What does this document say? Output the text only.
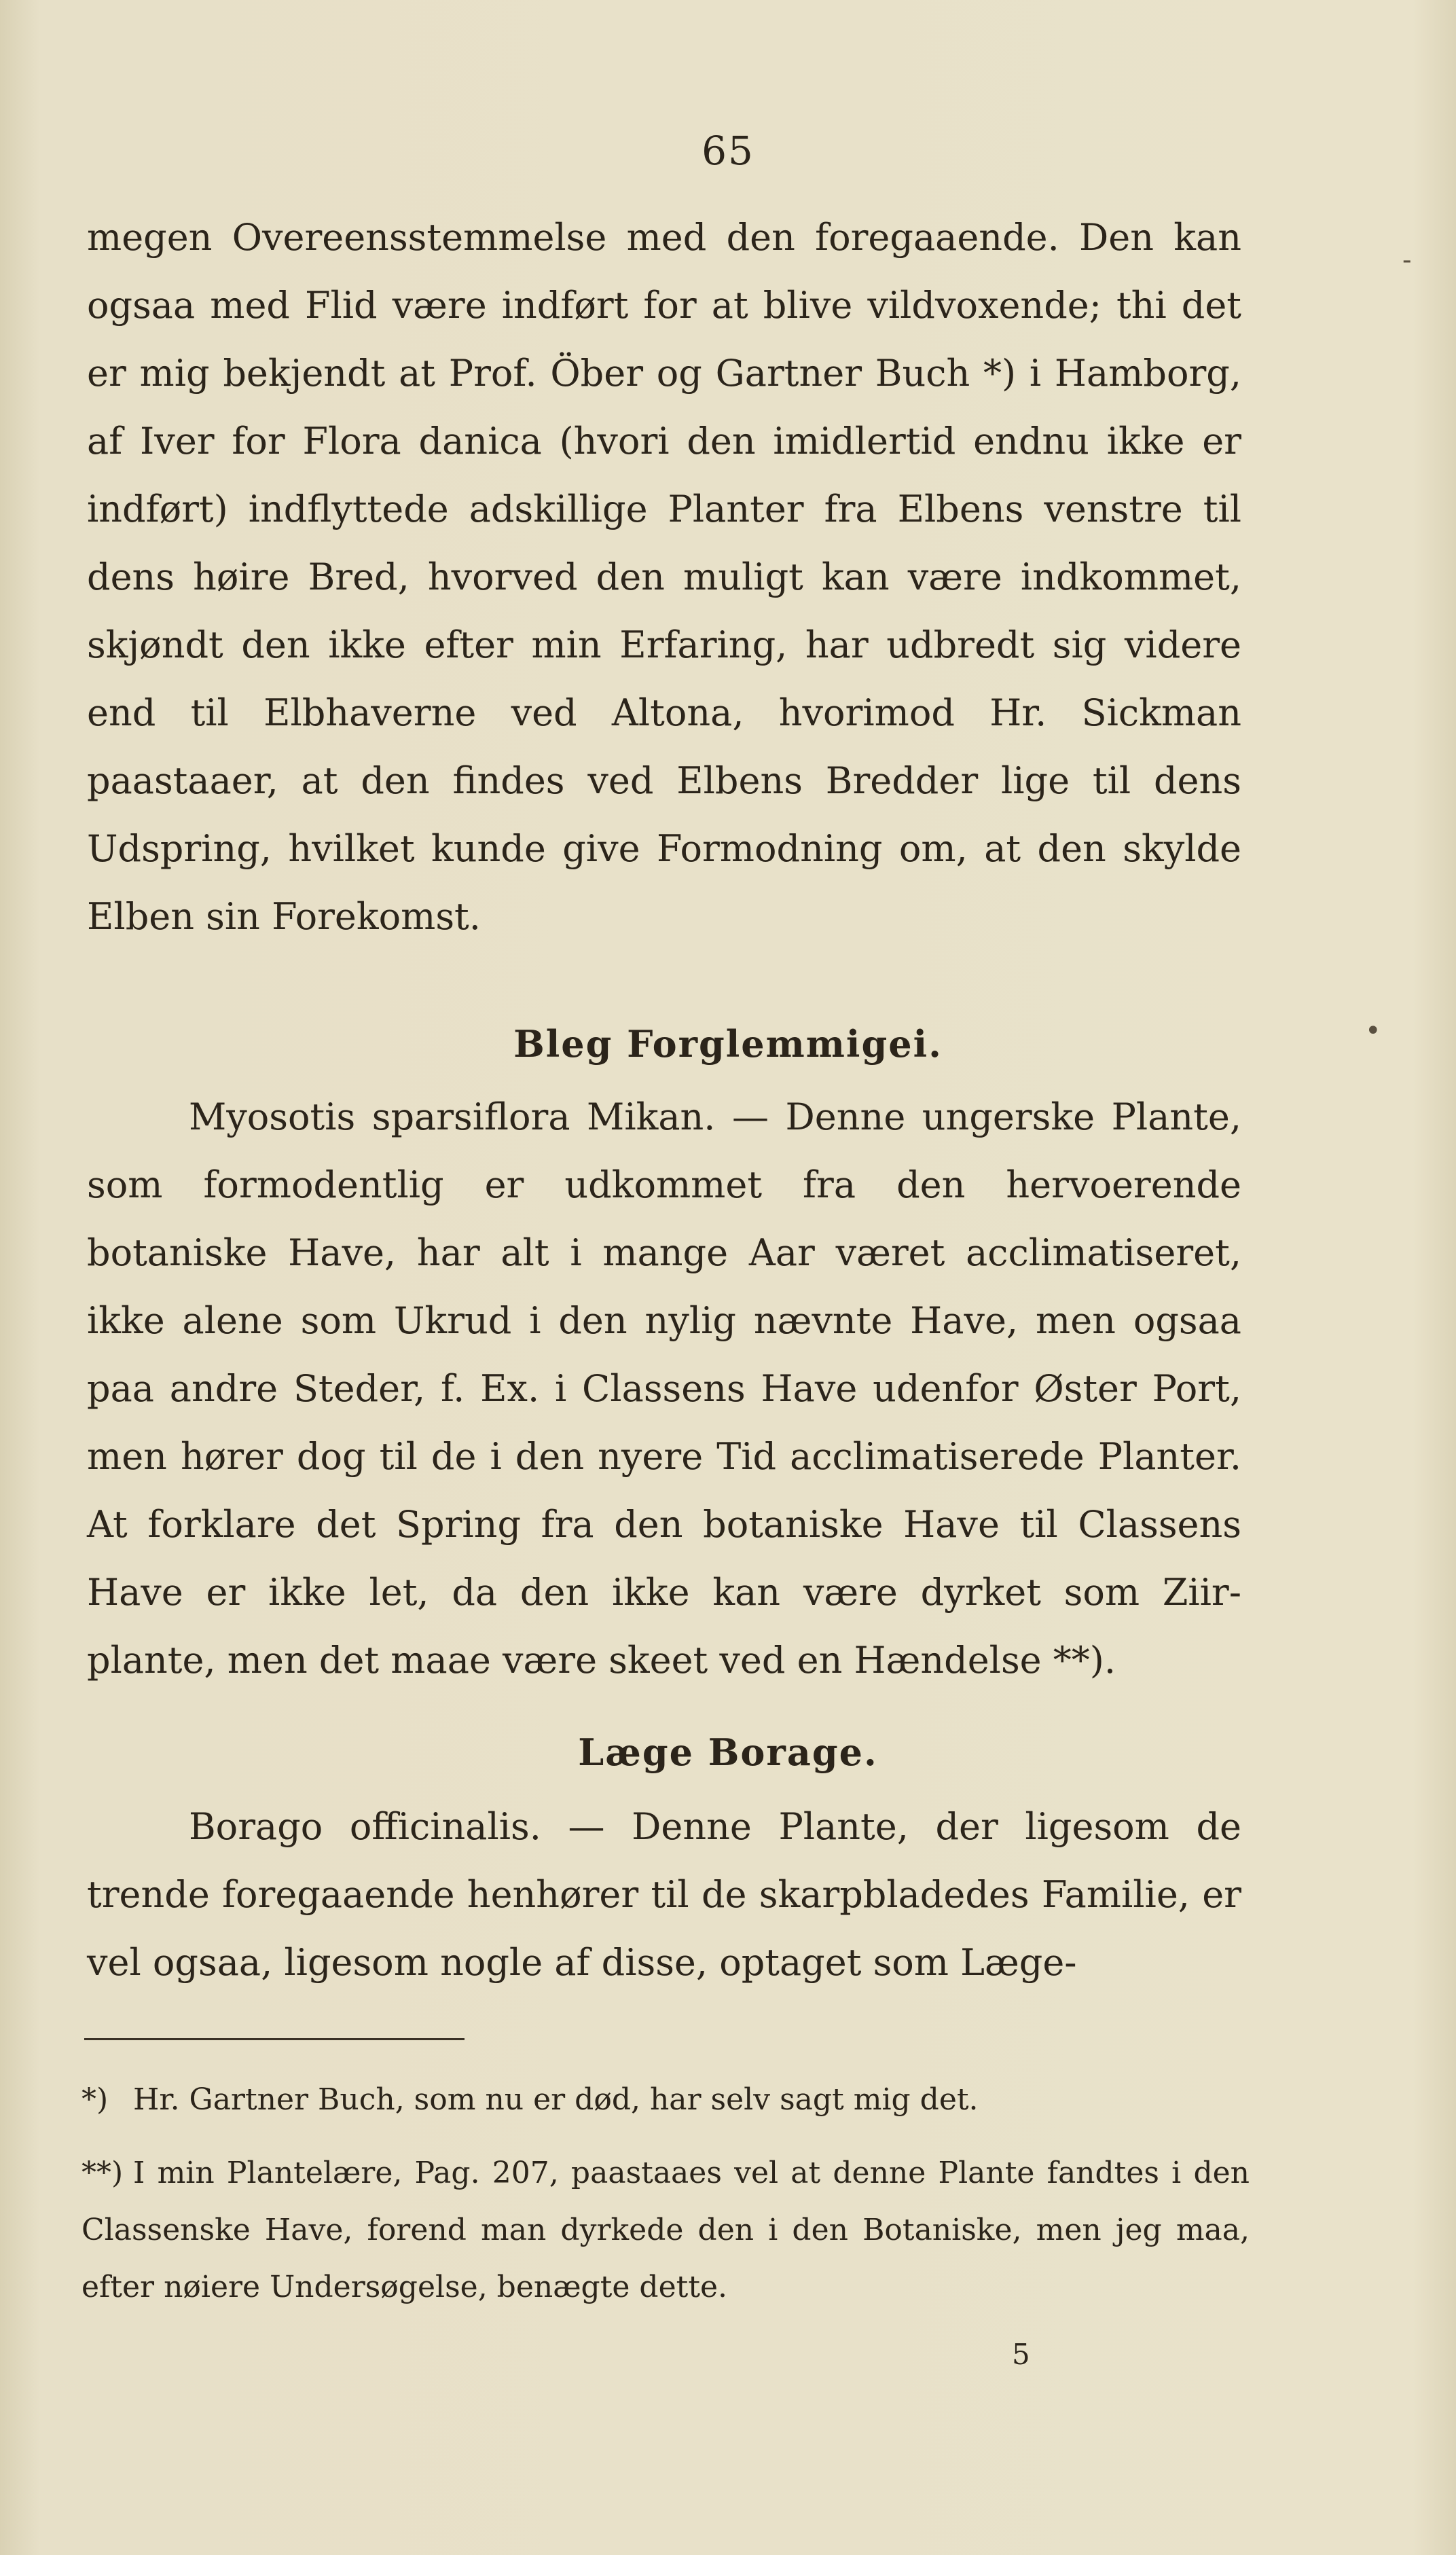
65

megen Overeensstemmelse med den foregaaende. Den kan ogsaa med Flid være indført for at blive vildvoxende; thi det er mig bekjendt at Prof. Öber og Gartner Buch *) i Hamborg, af Iver for Flora danica (hvori den imidlertid endnu ikke er indført) indflyttede adskillige Planter fra Elbens venstre til dens høire Bred, hvorved den muligt kan være indkommet, skjøndt den ikke efter min Erfaring, har udbredt sig videre end til Elbhaverne ved Altona, hvorimod Hr. Sickman paastaaer, at den findes ved Elbens Bredder lige til dens Udspring, hvilket kunde give Formodning om, at den skylde Elben sin Forekomst.

Bleg Forglemmigei.

Myosotis sparsiflora Mikan. — Denne ungerske Plante, som formodentlig er udkommet fra den hervoerende botaniske Have, har alt i mange Aar været acclimatiseret, ikke alene som Ukrud i den nylig nævnte Have, men ogsaa paa andre Steder, f. Ex. i Classens Have udenfor Øster Port, men hører dog til de i den nyere Tid acclimatiserede Planter. At forklare det Spring fra den botaniske Have til Classens Have er ikke let, da den ikke kan være dyrket som Ziir-plante, men det maae være skeet ved en Hændelse **).

Læge Borage.

Borago officinalis. — Denne Plante, der ligesom de trende foregaaende henhører til de skarpbladedes Familie, er vel ogsaa, ligesom nogle af disse, optaget som Læge-

*) Hr. Gartner Buch, som nu er død, har selv sagt mig det.

**) I min Plantelære, Pag. 207, paastaaes vel at denne Plante fandtes i den Classenske Have, forend man dyrkede den i den Botaniske, men jeg maa, efter nøiere Undersøgelse, benægte dette.

5
-
•
